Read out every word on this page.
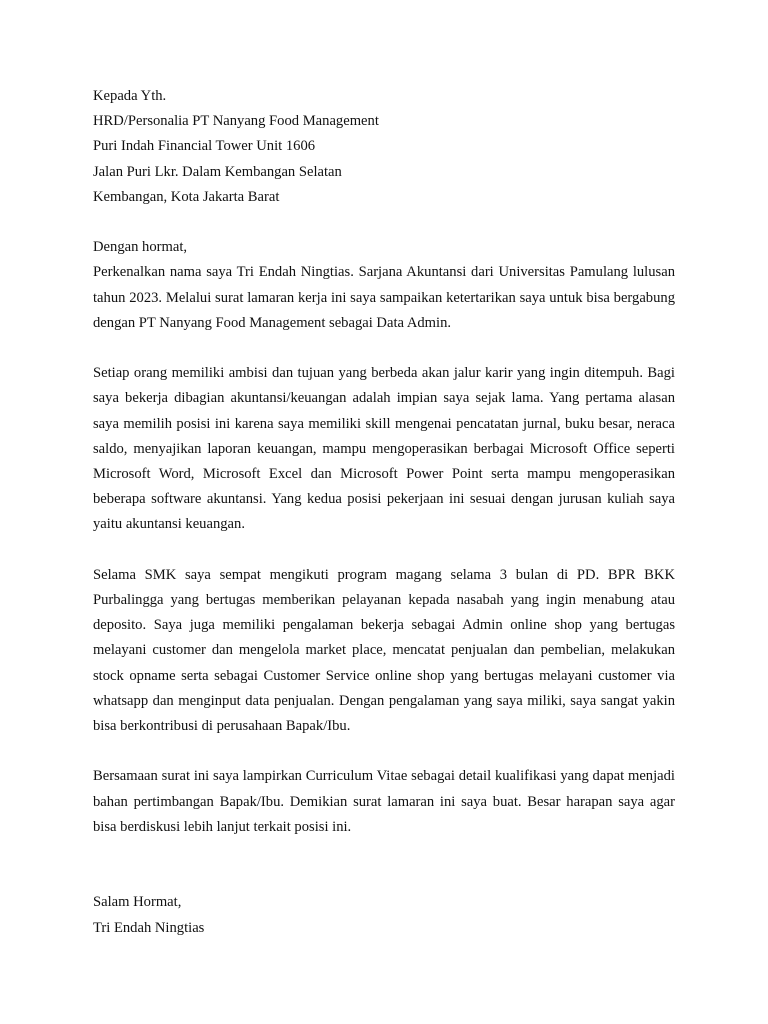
Kepada Yth.
HRD/Personalia PT Nanyang Food Management
Puri Indah Financial Tower Unit 1606
Jalan Puri Lkr. Dalam Kembangan Selatan
Kembangan, Kota Jakarta Barat
Dengan hormat,

Perkenalkan nama saya Tri Endah Ningtias. Sarjana Akuntansi dari Universitas Pamulang lulusan tahun 2023. Melalui surat lamaran kerja ini saya sampaikan ketertarikan saya untuk bisa bergabung dengan PT Nanyang Food Management sebagai Data Admin.

Setiap orang memiliki ambisi dan tujuan yang berbeda akan jalur karir yang ingin ditempuh. Bagi saya bekerja dibagian akuntansi/keuangan adalah impian saya sejak lama. Yang pertama alasan saya memilih posisi ini karena saya memiliki skill mengenai pencatatan jurnal, buku besar, neraca saldo, menyajikan laporan keuangan, mampu mengoperasikan berbagai Microsoft Office seperti Microsoft Word, Microsoft Excel dan Microsoft Power Point serta mampu mengoperasikan beberapa software akuntansi. Yang kedua posisi pekerjaan ini sesuai dengan jurusan kuliah saya yaitu akuntansi keuangan.

Selama SMK saya sempat mengikuti program magang selama 3 bulan di PD. BPR BKK Purbalingga yang bertugas memberikan pelayanan kepada nasabah yang ingin menabung atau deposito. Saya juga memiliki pengalaman bekerja sebagai Admin online shop yang bertugas melayani customer dan mengelola market place, mencatat penjualan dan pembelian, melakukan stock opname serta sebagai Customer Service online shop yang bertugas melayani customer via whatsapp dan menginput data penjualan. Dengan pengalaman yang saya miliki, saya sangat yakin bisa berkontribusi di perusahaan Bapak/Ibu.

Bersamaan surat ini saya lampirkan Curriculum Vitae sebagai detail kualifikasi yang dapat menjadi bahan pertimbangan Bapak/Ibu. Demikian surat lamaran ini saya buat. Besar harapan saya agar bisa berdiskusi lebih lanjut terkait posisi ini.

Salam Hormat,
Tri Endah Ningtias
